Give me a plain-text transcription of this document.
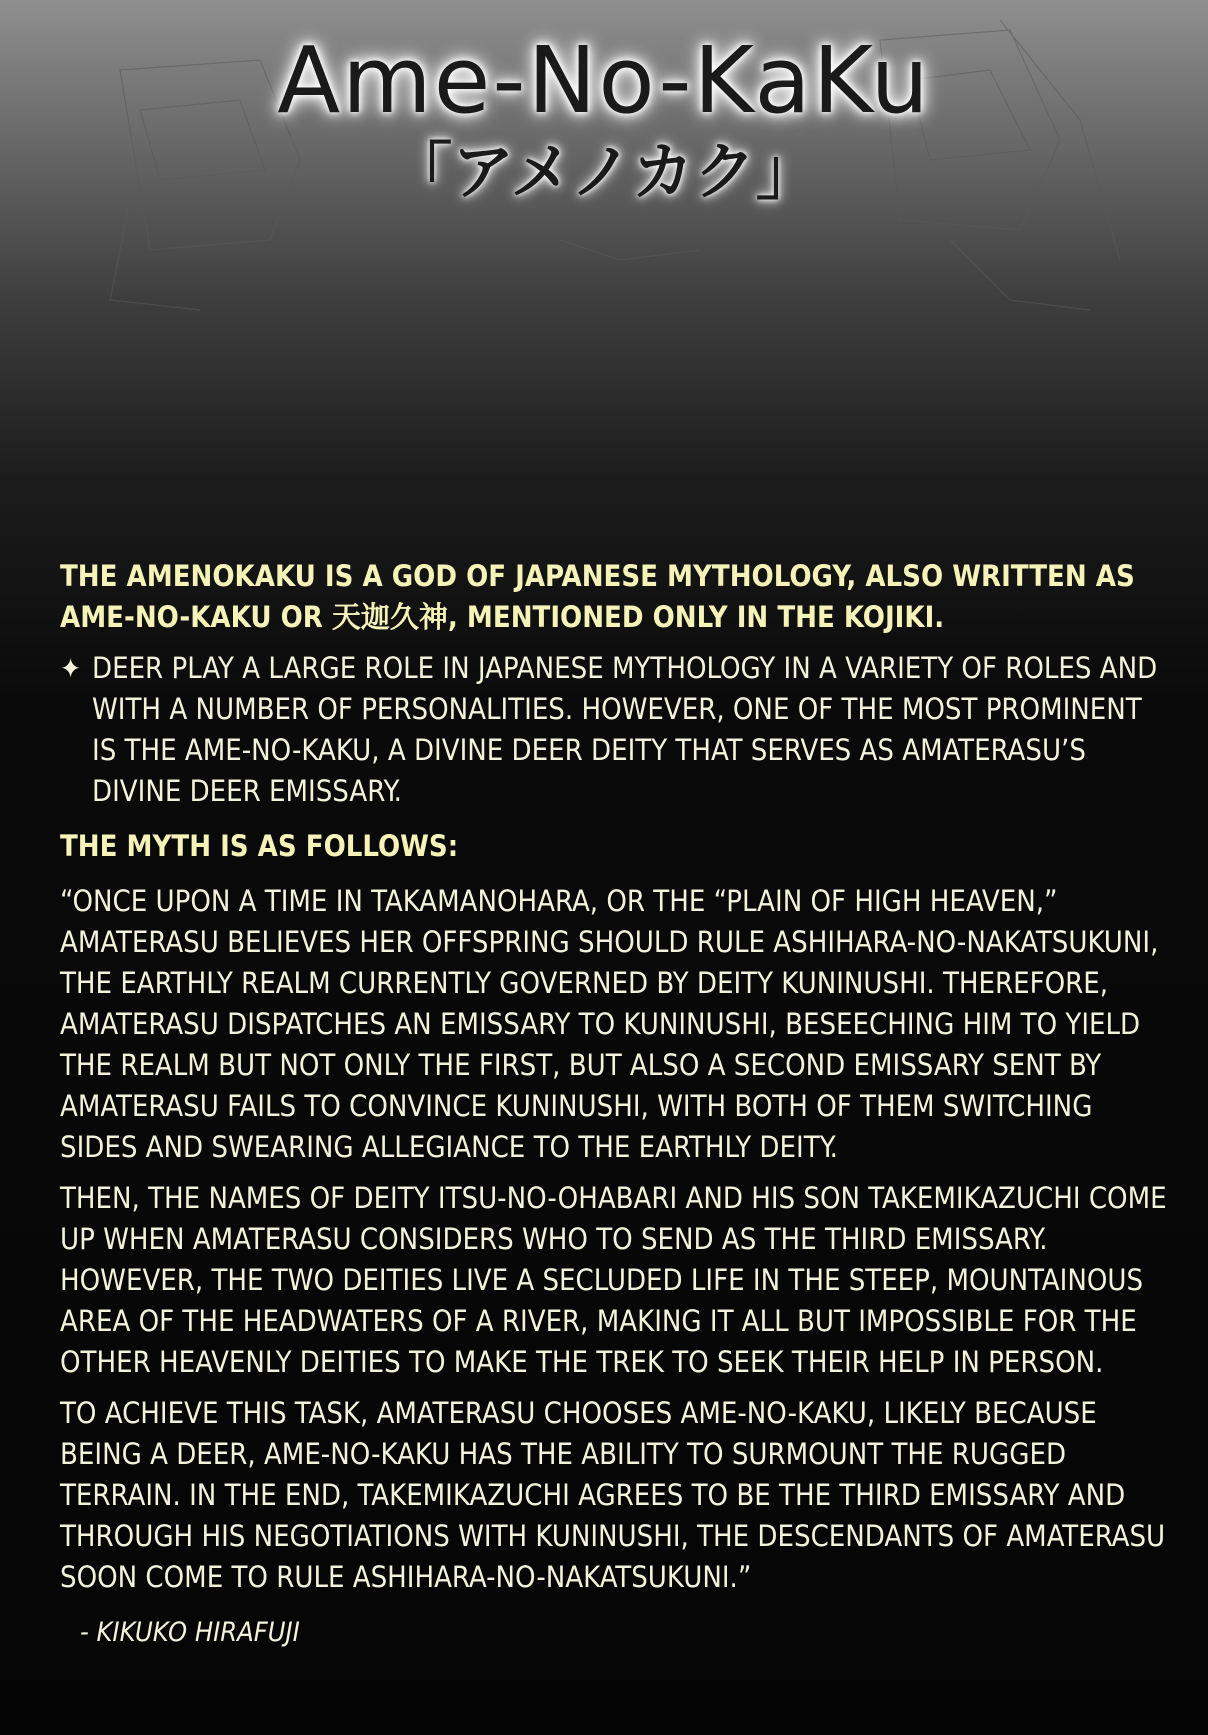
Ame-No-KaKu
「アメノカク」

THE AMENOKAKU IS A GOD OF JAPANESE MYTHOLOGY, ALSO WRITTEN AS AME-NO-KAKU OR 天迦久神, MENTIONED ONLY IN THE KOJIKI.

✦ DEER PLAY A LARGE ROLE IN JAPANESE MYTHOLOGY IN A VARIETY OF ROLES AND WITH A NUMBER OF PERSONALITIES. HOWEVER, ONE OF THE MOST PROMINENT IS THE AME-NO-KAKU, A DIVINE DEER DEITY THAT SERVES AS AMATERASU’S DIVINE DEER EMISSARY.

THE MYTH IS AS FOLLOWS:

“ONCE UPON A TIME IN TAKAMANOHARA, OR THE “PLAIN OF HIGH HEAVEN,” AMATERASU BELIEVES HER OFFSPRING SHOULD RULE ASHIHARA-NO-NAKATSUKUNI, THE EARTHLY REALM CURRENTLY GOVERNED BY DEITY KUNINUSHI. THEREFORE, AMATERASU DISPATCHES AN EMISSARY TO KUNINUSHI, BESEECHING HIM TO YIELD THE REALM BUT NOT ONLY THE FIRST, BUT ALSO A SECOND EMISSARY SENT BY AMATERASU FAILS TO CONVINCE KUNINUSHI, WITH BOTH OF THEM SWITCHING SIDES AND SWEARING ALLEGIANCE TO THE EARTHLY DEITY.

THEN, THE NAMES OF DEITY ITSU-NO-OHABARI AND HIS SON TAKEMIKAZUCHI COME UP WHEN AMATERASU CONSIDERS WHO TO SEND AS THE THIRD EMISSARY. HOWEVER, THE TWO DEITIES LIVE A SECLUDED LIFE IN THE STEEP, MOUNTAINOUS AREA OF THE HEADWATERS OF A RIVER, MAKING IT ALL BUT IMPOSSIBLE FOR THE OTHER HEAVENLY DEITIES TO MAKE THE TREK TO SEEK THEIR HELP IN PERSON.

TO ACHIEVE THIS TASK, AMATERASU CHOOSES AME-NO-KAKU, LIKELY BECAUSE BEING A DEER, AME-NO-KAKU HAS THE ABILITY TO SURMOUNT THE RUGGED TERRAIN. IN THE END, TAKEMIKAZUCHI AGREES TO BE THE THIRD EMISSARY AND THROUGH HIS NEGOTIATIONS WITH KUNINUSHI, THE DESCENDANTS OF AMATERASU SOON COME TO RULE ASHIHARA-NO-NAKATSUKUNI.”

- KIKUKO HIRAFUJI
